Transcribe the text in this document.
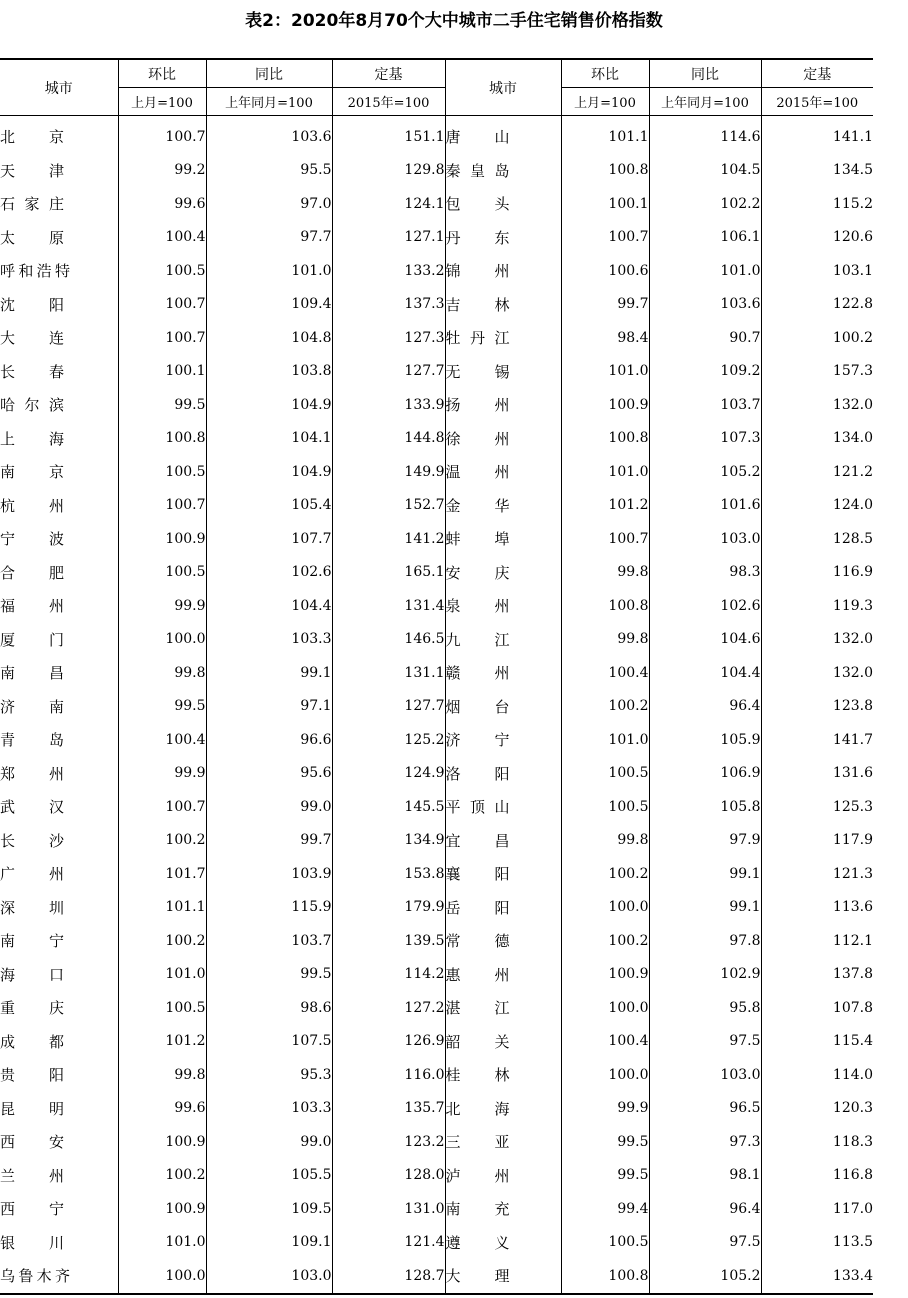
表2：2020年8月70个大中城市二手住宅销售价格指数
城市	环比	同比	定基	城市	环比	同比	定基
	上月=100	上年同月=100	2015年=100		上月=100	上年同月=100	2015年=100
北京	100.7	103.6	151.1	唐山	101.1	114.6	141.1
天津	99.2	95.5	129.8	秦皇岛	100.8	104.5	134.5
石家庄	99.6	97.0	124.1	包头	100.1	102.2	115.2
太原	100.4	97.7	127.1	丹东	100.7	106.1	120.6
呼和浩特	100.5	101.0	133.2	锦州	100.6	101.0	103.1
沈阳	100.7	109.4	137.3	吉林	99.7	103.6	122.8
大连	100.7	104.8	127.3	牡丹江	98.4	90.7	100.2
长春	100.1	103.8	127.7	无锡	101.0	109.2	157.3
哈尔滨	99.5	104.9	133.9	扬州	100.9	103.7	132.0
上海	100.8	104.1	144.8	徐州	100.8	107.3	134.0
南京	100.5	104.9	149.9	温州	101.0	105.2	121.2
杭州	100.7	105.4	152.7	金华	101.2	101.6	124.0
宁波	100.9	107.7	141.2	蚌埠	100.7	103.0	128.5
合肥	100.5	102.6	165.1	安庆	99.8	98.3	116.9
福州	99.9	104.4	131.4	泉州	100.8	102.6	119.3
厦门	100.0	103.3	146.5	九江	99.8	104.6	132.0
南昌	99.8	99.1	131.1	赣州	100.4	104.4	132.0
济南	99.5	97.1	127.7	烟台	100.2	96.4	123.8
青岛	100.4	96.6	125.2	济宁	101.0	105.9	141.7
郑州	99.9	95.6	124.9	洛阳	100.5	106.9	131.6
武汉	100.7	99.0	145.5	平顶山	100.5	105.8	125.3
长沙	100.2	99.7	134.9	宜昌	99.8	97.9	117.9
广州	101.7	103.9	153.8	襄阳	100.2	99.1	121.3
深圳	101.1	115.9	179.9	岳阳	100.0	99.1	113.6
南宁	100.2	103.7	139.5	常德	100.2	97.8	112.1
海口	101.0	99.5	114.2	惠州	100.9	102.9	137.8
重庆	100.5	98.6	127.2	湛江	100.0	95.8	107.8
成都	101.2	107.5	126.9	韶关	100.4	97.5	115.4
贵阳	99.8	95.3	116.0	桂林	100.0	103.0	114.0
昆明	99.6	103.3	135.7	北海	99.9	96.5	120.3
西安	100.9	99.0	123.2	三亚	99.5	97.3	118.3
兰州	100.2	105.5	128.0	泸州	99.5	98.1	116.8
西宁	100.9	109.5	131.0	南充	99.4	96.4	117.0
银川	101.0	109.1	121.4	遵义	100.5	97.5	113.5
乌鲁木齐	100.0	103.0	128.7	大理	100.8	105.2	133.4
